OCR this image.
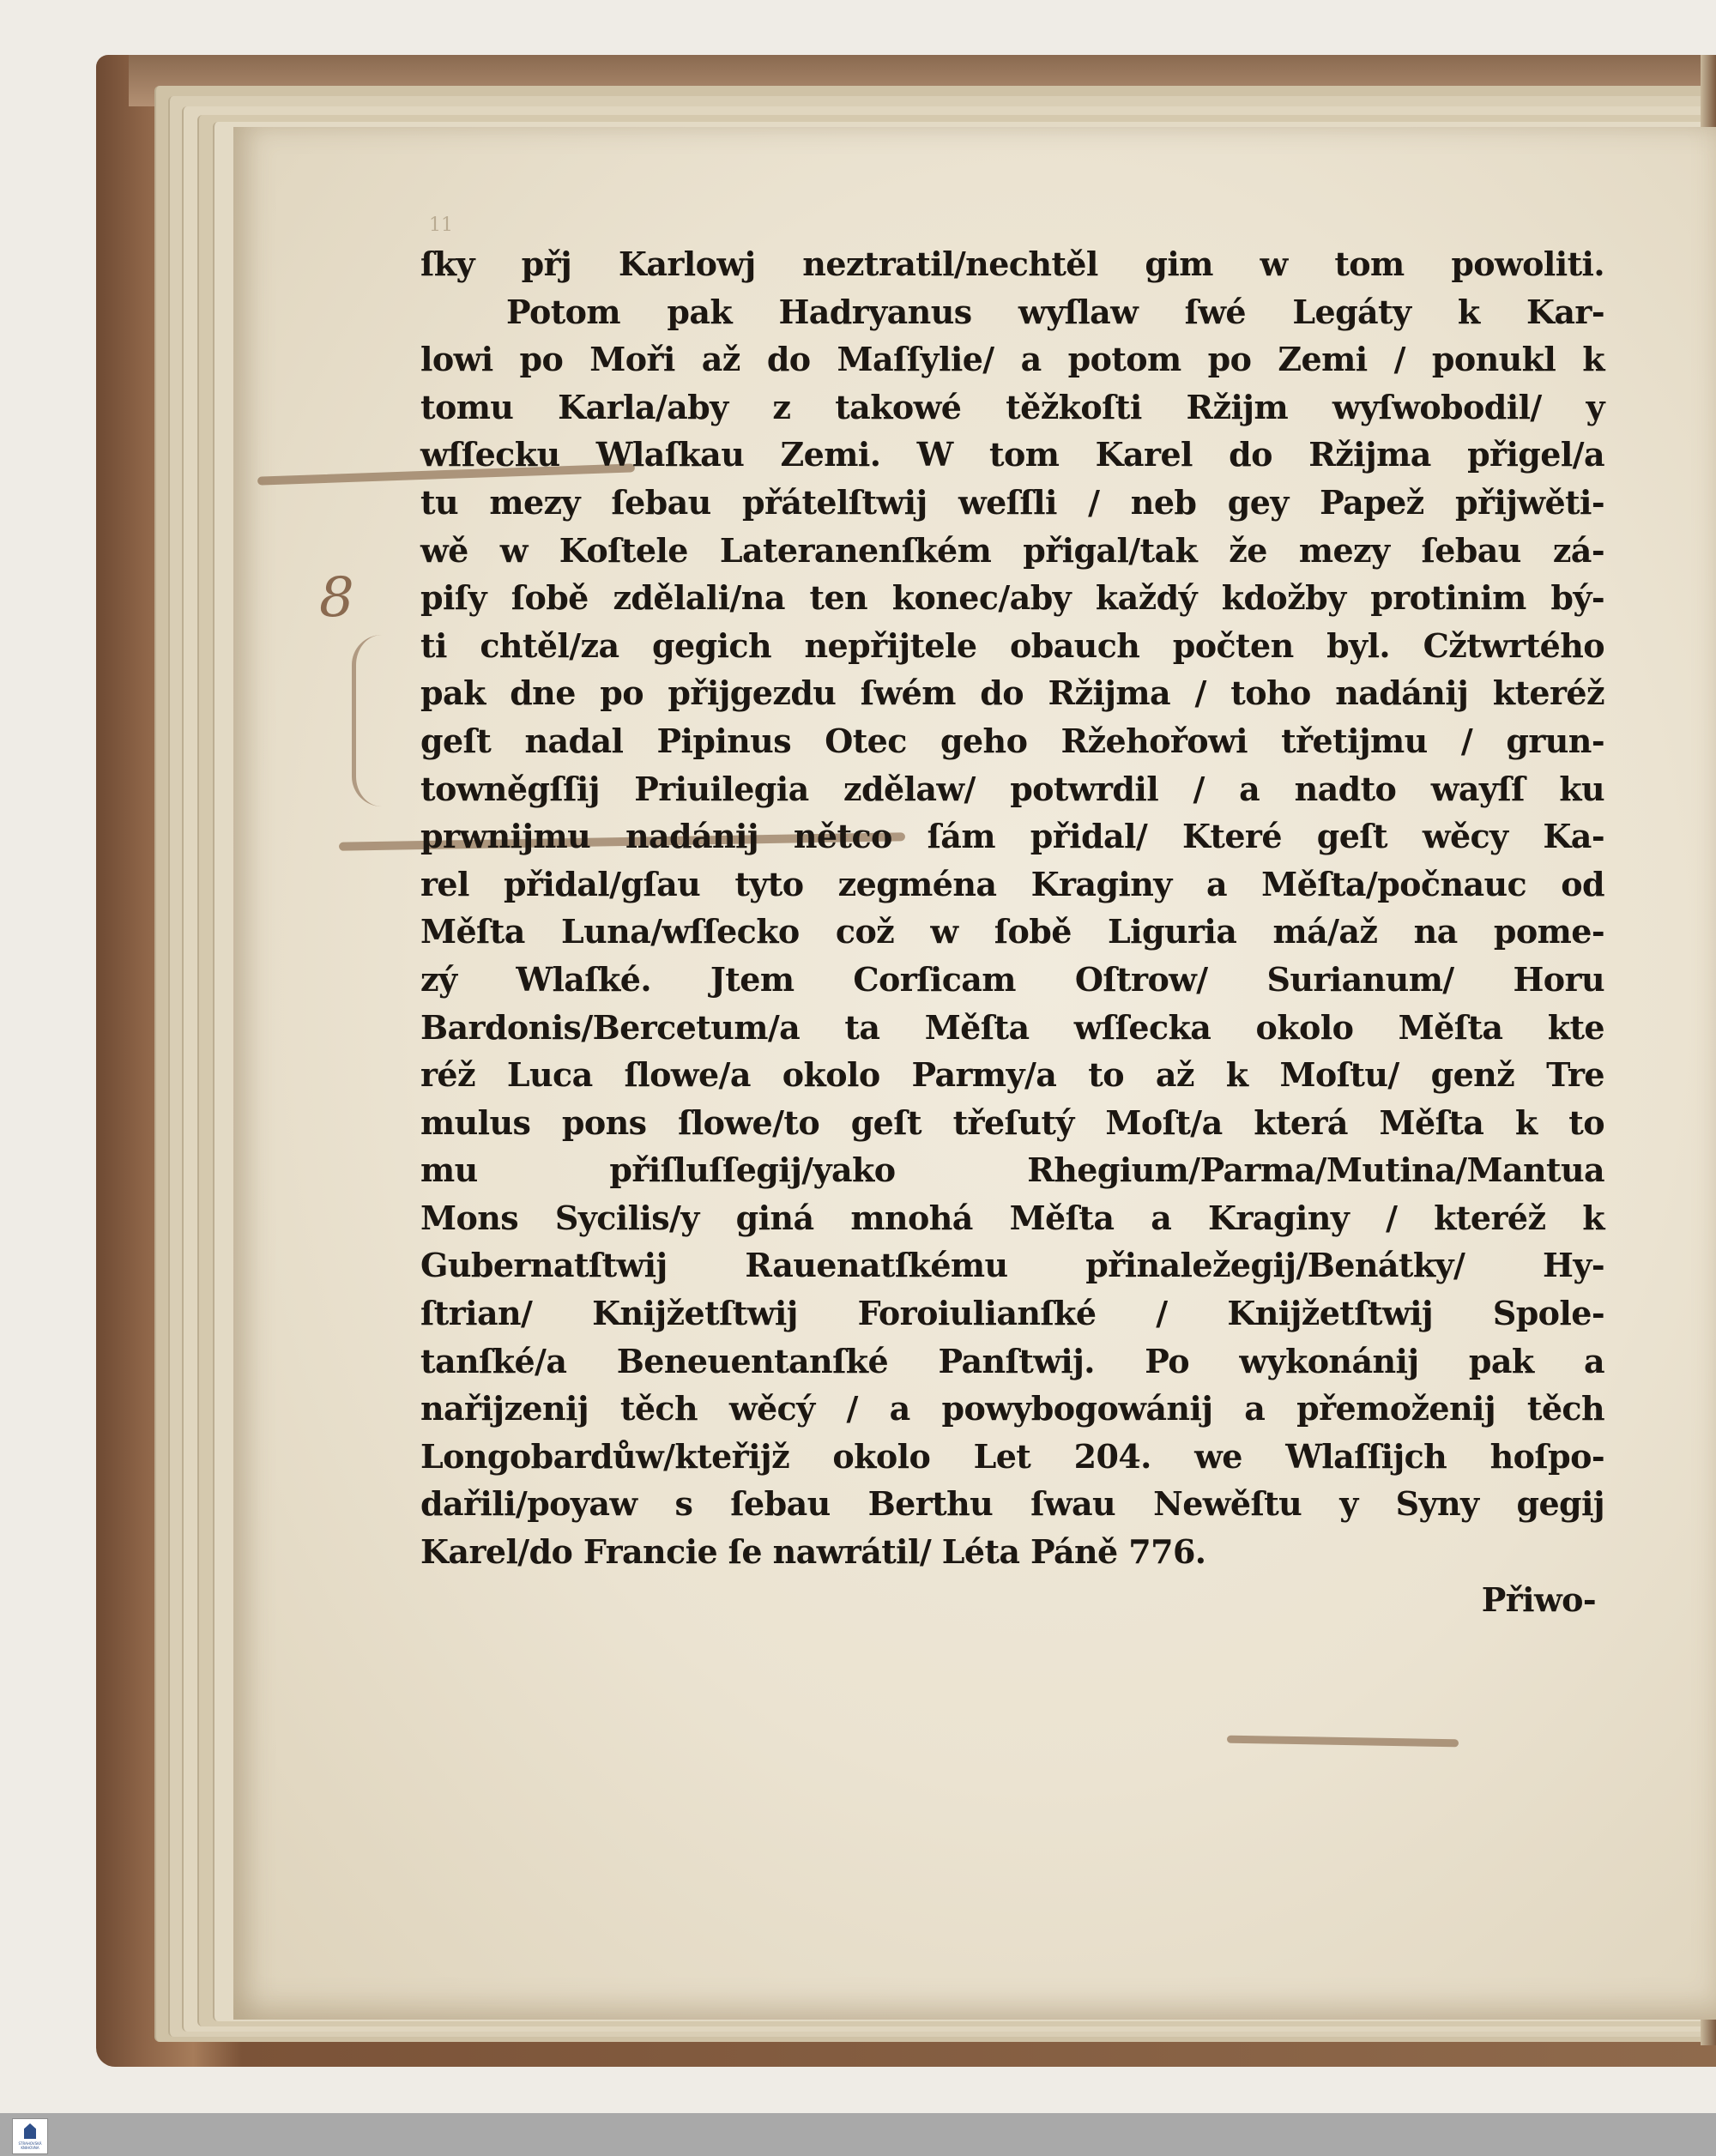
11
8
ſky přj Karlowj neztratil/nechtěl gim w tom powoliti.
Potom pak Hadryanus wyſlaw ſwé Legáty k Kar-
lowi po Moři až do Maſſylie/ a potom po Zemi / ponukl k
tomu Karla/aby z takowé těžkoſti Ržijm wyſwobodil/ y
wſſecku Wlaſkau Zemi. W tom Karel do Ržijma přigel/a
tu mezy ſebau přátelſtwij weſſli / neb gey Papež přijwěti-
wě w Koſtele Lateranenſkém přigal/tak že mezy ſebau zá-
piſy ſobě zdělali/na ten konec/aby každý kdožby protinim bý-
ti chtěl/za gegich nepřijtele obauch počten byl. Cžtwrtého
pak dne po přijgezdu ſwém do Ržijma / toho nadánij kteréž
geſt nadal Pipinus Otec geho Ržehořowi třetijmu / grun-
towněgſſij Priuilegia zdělaw/ potwrdil / a nadto wayſſ ku
prwnijmu nadánij nětco ſám přidal/ Které geſt wěcy Ka-
rel přidal/gſau tyto zegména Kraginy a Měſta/počnauc od
Měſta Luna/wſſecko což w ſobě Liguria má/až na pome-
zý Wlaſké. Jtem Corſicam Oſtrow/ Surianum/ Horu
Bardonis/Bercetum/a ta Měſta wſſecka okolo Měſta kte
réž Luca ſlowe/a okolo Parmy/a to až k Moſtu/ genž Tre
mulus pons ſlowe/to geſt třeſutý Moſt/a která Měſta k to
mu přiſluſſegij/yako Rhegium/Parma/Mutina/Mantua
Mons Sycilis/y giná mnohá Měſta a Kraginy / kteréž k
Gubernatſtwij Rauenatſkému přinaležegij/Benátky/ Hy-
ſtrian/ Knijžetſtwij Foroiulianſké / Knijžetſtwij Spole-
tanſké/a Beneuentanſké Panſtwij. Po wykonánij pak a
nařijzenij těch wěcý / a powybogowánij a přemoženij těch
Longobardůw/kteřijž okolo Let 204. we Wlaſſijch hoſpo-
dařili/poyaw s ſebau Berthu ſwau Newěſtu y Syny gegij
Karel/do Francie ſe nawrátil/ Léta Páně 776.
Přiwo-
STRAHOVSKÁ KNIHOVNA
